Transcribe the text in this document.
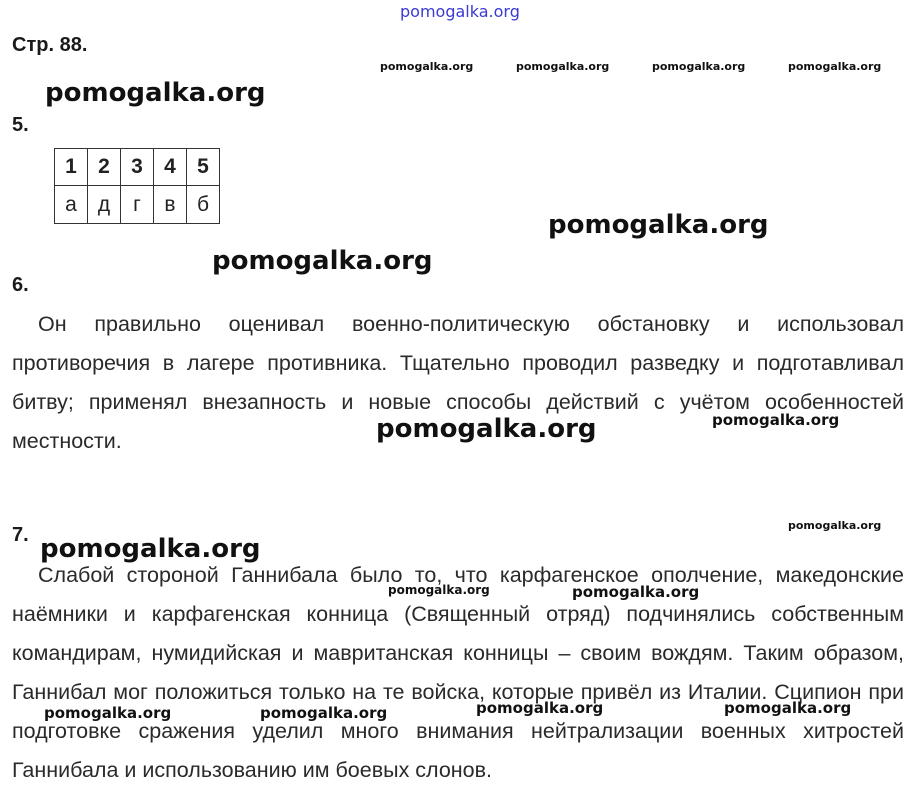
pomogalka.org
Стр. 88.
pomogalka.org	pomogalka.org	pomogalka.org	pomogalka.org
pomogalka.org
5.
1	2	3	4	5
а	д	г	в	б
pomogalka.org
pomogalka.org
6.
Он правильно оценивал военно-политическую обстановку и использовал противоречия в лагере противника. Тщательно проводил разведку и подготавливал битву; применял внезапность и новые способы действий с учётом особенностей местности.	pomogalka.org	pomogalka.org
pomogalka.org
7. pomogalka.org
Слабой стороной Ганнибала было то, что карфагенское ополчение, македонские наёмники и карфагенская конница (Священный отряд) подчинялись собственным командирам, нумидийская и мавританская конницы – своим вождям. Таким образом, Ганнибал мог положиться только на те войска, которые привёл из Италии. Сципион при подготовке сражения уделил много внимания нейтрализации военных хитростей Ганнибала и использованию им боевых слонов.
pomogalka.org	pomogalka.org
pomogalka.org	pomogalka.org
pomogalka.org	pomogalka.org
